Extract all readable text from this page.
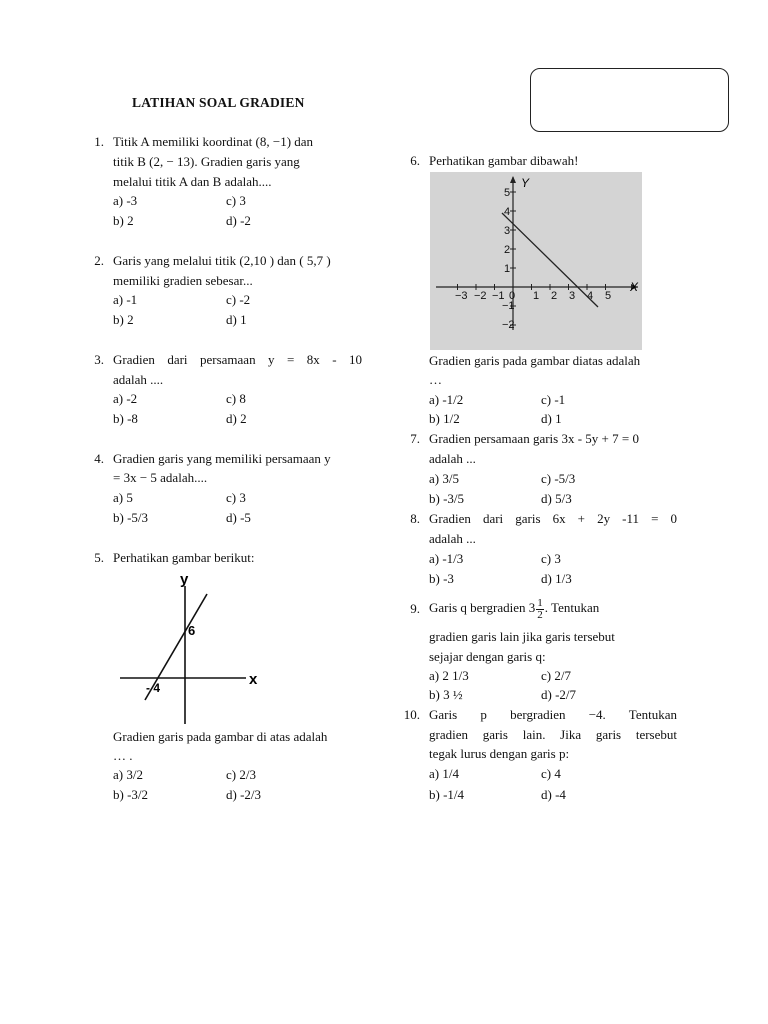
LATIHAN SOAL GRADIEN
1. Titik A memiliki koordinat (8, −1) dan
titik B (2, − 13). Gradien garis yang
melalui titik A dan B adalah....
a) -3	c) 3
b) 2	d) -2
2. Garis yang melalui titik (2,10 ) dan ( 5,7 )
memiliki gradien sebesar...
a) -1	c) -2
b) 2	d) 1
3. Gradien dari persamaan y = 8x - 10
adalah ....
a) -2	c) 8
b) -8	d) 2
4. Gradien garis yang memiliki persamaan y
= 3x − 5 adalah....
a) 5	c) 3
b) -5/3	d) -5
5. Perhatikan gambar berikut:
y
x
6
- 4
Gradien garis pada gambar di atas adalah
… .
a) 3/2	c) 2/3
b) -3/2	d) -2/3
6. Perhatikan gambar dibawah!
X
Y
−3 −2 −1 0 1 2 3 4 5
5
4
3
2
1
−1
−2
Gradien garis pada gambar diatas adalah
…
a) -1/2	c) -1
b) 1/2	d) 1
7. Gradien persamaan garis 3x - 5y + 7 = 0
adalah ...
a) 3/5	c) -5/3
b) -3/5	d) 5/3
8. Gradien dari garis 6x + 2y -11 = 0
adalah ...
a) -1/3	c) 3
b) -3	d) 1/3
9. Garis q bergradien $3 \frac{1}{2}$ . Tentukan
gradien garis lain jika garis tersebut
sejajar dengan garis q:
a) 2 1/3	c) 2/7
b) 3 ½	d) -2/7
10. Garis p bergradien −4. Tentukan
gradien garis lain. Jika garis tersebut
tegak lurus dengan garis p:
a) 1/4	c) 4
b) -1/4	d) -4
